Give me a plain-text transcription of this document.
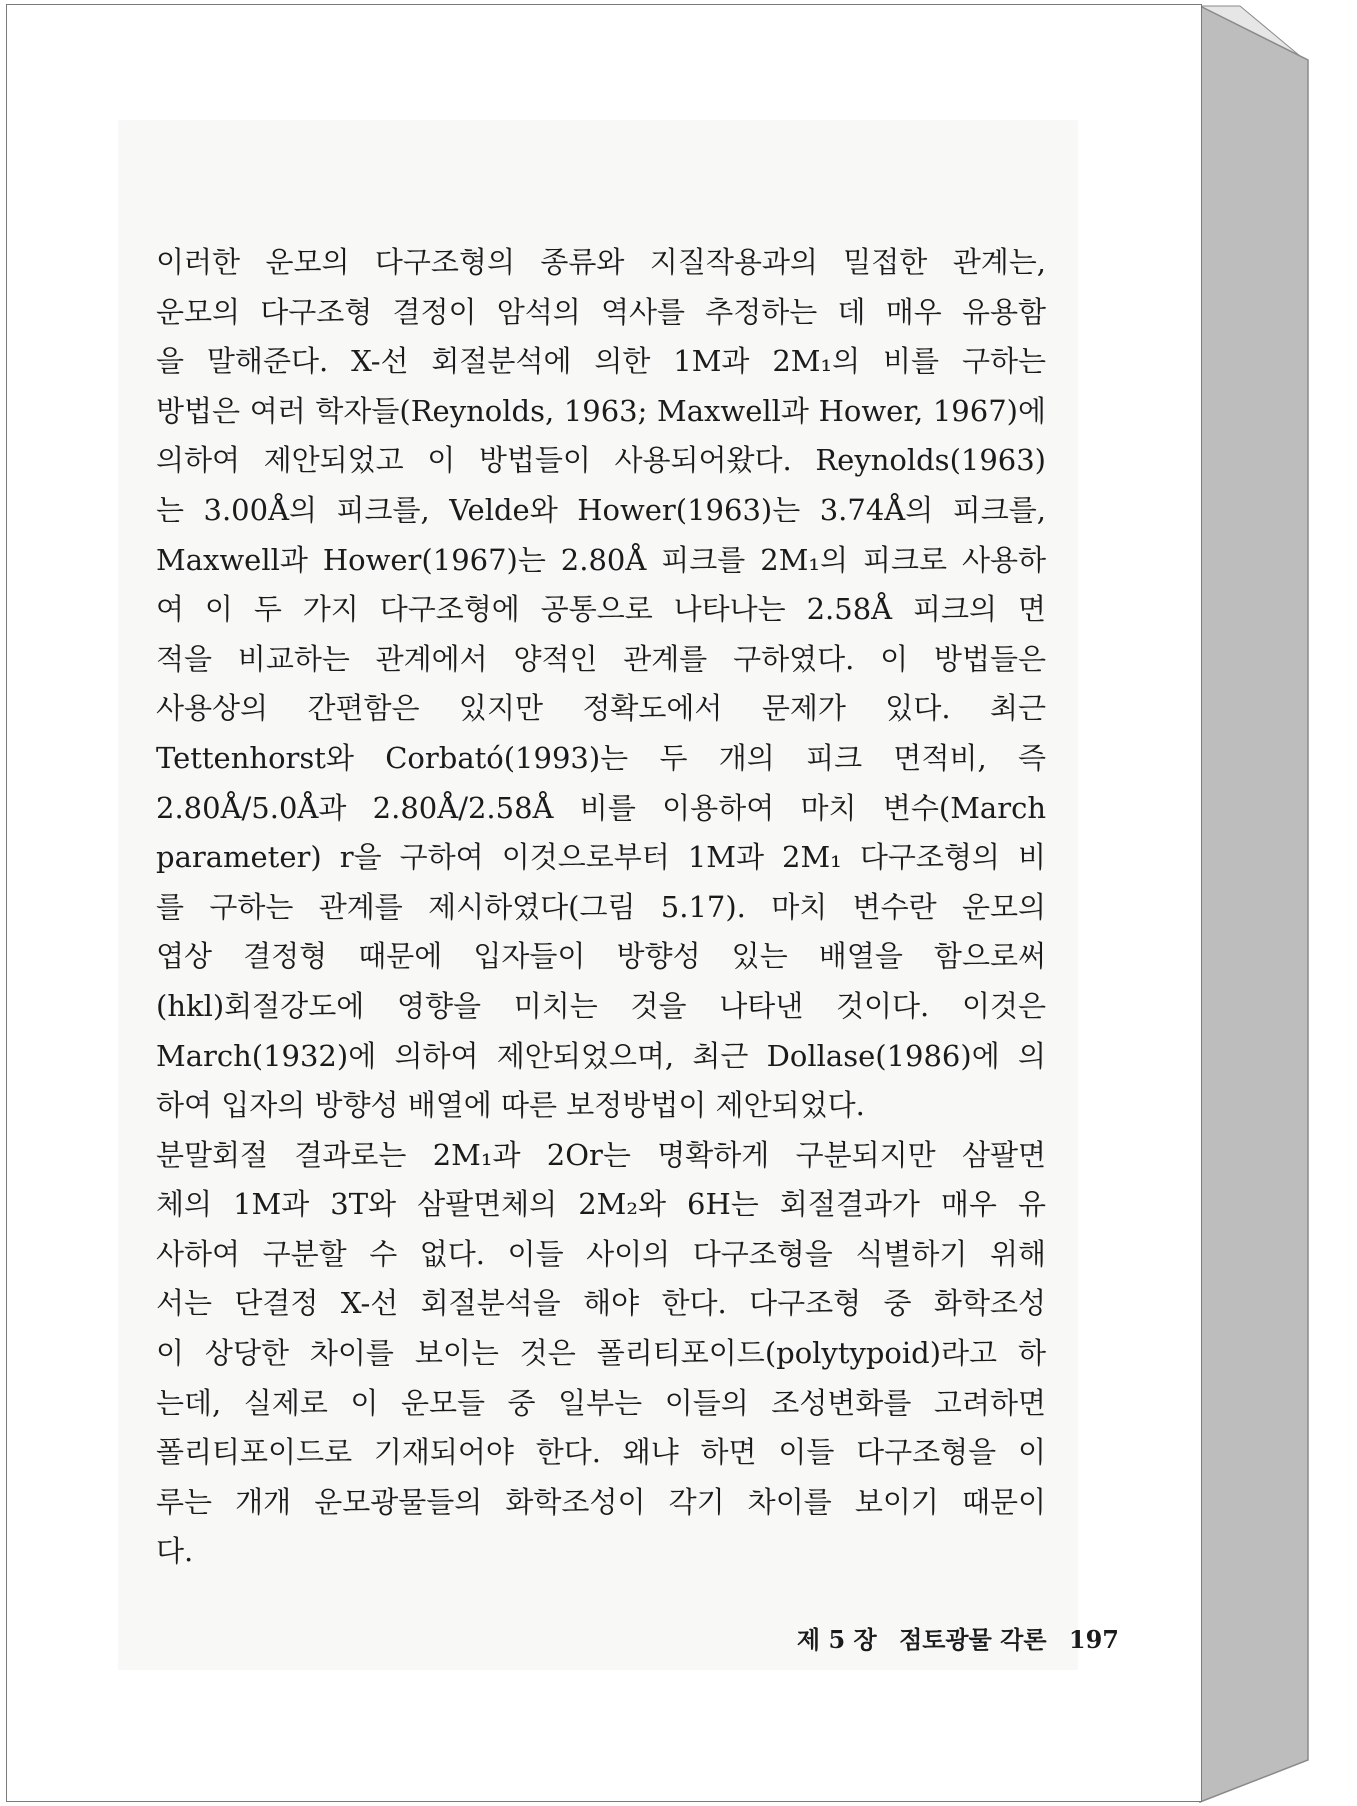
이러한 운모의 다구조형의 종류와 지질작용과의 밀접한 관계는,
운모의 다구조형 결정이 암석의 역사를 추정하는 데 매우 유용함
을 말해준다. X-선 회절분석에 의한 1M과 2M₁의 비를 구하는
방법은 여러 학자들(Reynolds, 1963; Maxwell과 Hower, 1967)에
의하여 제안되었고 이 방법들이 사용되어왔다. Reynolds(1963)
는 3.00Å의 피크를, Velde와 Hower(1963)는 3.74Å의 피크를,
Maxwell과 Hower(1967)는 2.80Å 피크를 2M₁의 피크로 사용하
여 이 두 가지 다구조형에 공통으로 나타나는 2.58Å 피크의 면
적을 비교하는 관계에서 양적인 관계를 구하였다. 이 방법들은
사용상의 간편함은 있지만 정확도에서 문제가 있다. 최근
Tettenhorst와 Corbató(1993)는 두 개의 피크 면적비, 즉
2.80Å/5.0Å과 2.80Å/2.58Å 비를 이용하여 마치 변수(March
parameter) r을 구하여 이것으로부터 1M과 2M₁ 다구조형의 비
를 구하는 관계를 제시하였다(그림 5.17). 마치 변수란 운모의
엽상 결정형 때문에 입자들이 방향성 있는 배열을 함으로써
(hkl)회절강도에 영향을 미치는 것을 나타낸 것이다. 이것은
March(1932)에 의하여 제안되었으며, 최근 Dollase(1986)에 의
하여 입자의 방향성 배열에 따른 보정방법이 제안되었다.
분말회절 결과로는 2M₁과 2Or는 명확하게 구분되지만 삼팔면
체의 1M과 3T와 삼팔면체의 2M₂와 6H는 회절결과가 매우 유
사하여 구분할 수 없다. 이들 사이의 다구조형을 식별하기 위해
서는 단결정 X-선 회절분석을 해야 한다. 다구조형 중 화학조성
이 상당한 차이를 보이는 것은 폴리티포이드(polytypoid)라고 하
는데, 실제로 이 운모들 중 일부는 이들의 조성변화를 고려하면
폴리티포이드로 기재되어야 한다. 왜냐 하면 이들 다구조형을 이
루는 개개 운모광물들의 화학조성이 각기 차이를 보이기 때문이
다.
제 5 장 점토광물 각론 197
